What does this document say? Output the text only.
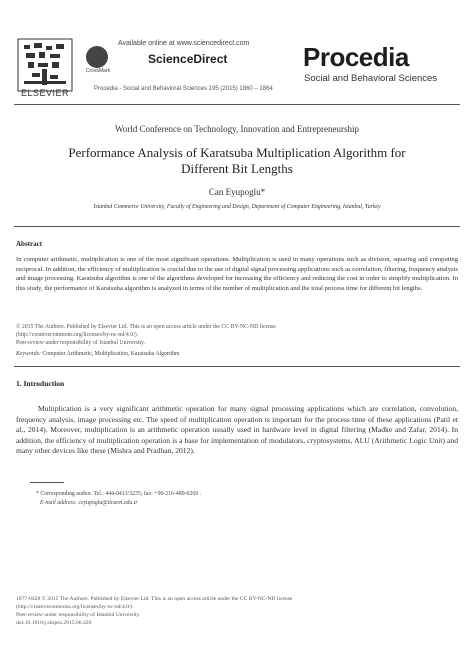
ELSEVIER
CrossMark
Available online at www.sciencedirect.com
ScienceDirect
Procedia - Social and Behavioral Sciences 195 (2015) 1860 – 1864
Procedia
Social and Behavioral Sciences
World Conference on Technology, Innovation and Entrepreneurship
Performance Analysis of Karatsuba Multiplication Algorithm for
Different Bit Lengths
Can Eyupoglu*
Istanbul Commerce University, Faculty of Engineering and Design, Department of Computer Engineering, Istanbul, Turkey
Abstract
In computer arithmetic, multiplication is one of the most significant operations. Multiplication is used in many operations such as division, squaring and computing reciprocal. In addition, the efficiency of multiplication is crucial due to the use of digital signal processing applications such as correlation, filtering, frequency analysis and image processing. Karatsuba algorithm is one of the algorithms developed for increasing the efficiency and reducing the cost in order to simplify multiplication. In this study, the performance of Karatsuba algorithm is analyzed in terms of the number of multiplication and the total process time for different bit lengths.
© 2015 The Authors. Published by Elsevier Ltd. This is an open access article under the CC BY-NC-ND license
(http://creativecommons.org/licenses/by-nc-nd/4.0/).
Peer-review under responsibility of Istanbul University.
Keywords: Computer Arithmetic, Multiplication, Karatsuba Algorithm
1. Introduction
Multiplication is a very significant arithmetic operation for many signal processing applications which are correlation, convolution, frequency analysis, image processing etc. The speed of multiplication operation is important for the process time of these applications (Patil et al., 2014). Moreover, multiplication is an arithmetic operation usually used in hardware level in digital filtering (Madke and Zafar, 2014). In addition, the efficiency of multiplication operation is a base for implementation of modulators, cryptosystems, ALU (Arithmetic Logic Unit) and many other devices like these (Mishra and Pradhan, 2012).
* Corresponding author. Tel.: 444-0413/3235; fax: +90-216-489-0269 .
E-mail address: ceyupoglu@ticaret.edu.tr
1877-0428 © 2015 The Authors. Published by Elsevier Ltd. This is an open access article under the CC BY-NC-ND license
(http://creativecommons.org/licenses/by-nc-nd/4.0/).
Peer-review under responsibility of Istanbul University.
doi:10.1016/j.sbspro.2015.06.420
